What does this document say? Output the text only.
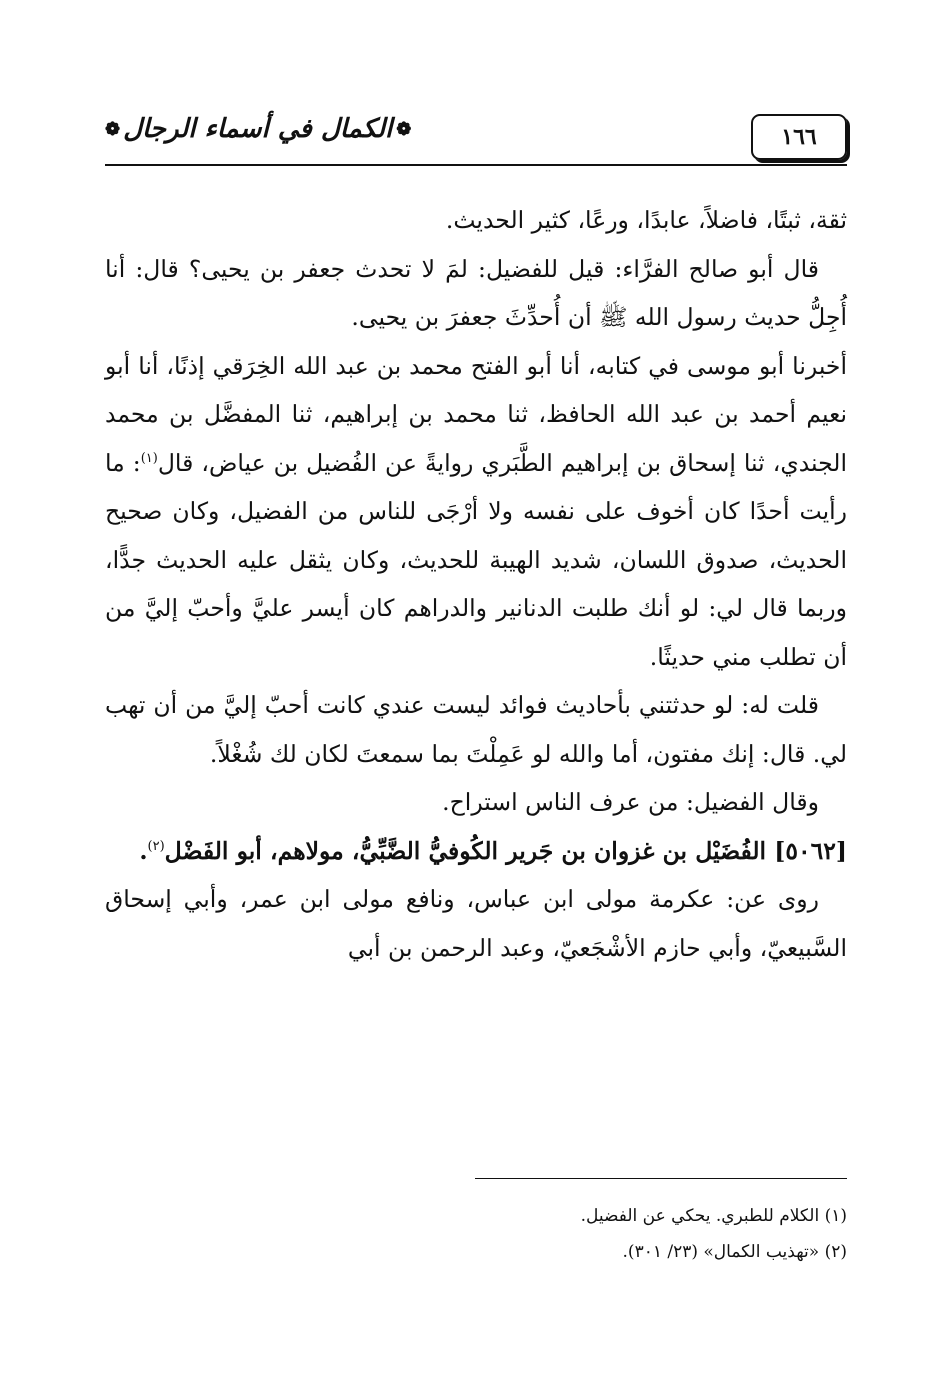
١٦٦
❁
الكمال في أسماء الرجال
❁

ثقة، ثبتًا، فاضلاً، عابدًا، ورعًا، كثير الحديث.

قال أبو صالح الفرَّاء: قيل للفضيل: لمَ لا تحدث جعفر بن يحيى؟ قال: أنا أُجِلُّ حديث رسول الله ﷺ أن أُحدِّثَ جعفرَ بن يحيى.

أخبرنا أبو موسى في كتابه، أنا أبو الفتح محمد بن عبد الله الخِرَقي إذنًا، أنا أبو نعيم أحمد بن عبد الله الحافظ، ثنا محمد بن إبراهيم، ثنا المفضَّل بن محمد الجندي، ثنا إسحاق بن إبراهيم الطَّبَري روايةً عن الفُضيل بن عياض، قال$^{(١)}$: ما رأيت أحدًا كان أخوف على نفسه ولا أرْجَى للناس من الفضيل، وكان صحيح الحديث، صدوق اللسان، شديد الهيبة للحديث، وكان يثقل عليه الحديث جدًّا، وربما قال لي: لو أنك طلبت الدنانير والدراهم كان أيسر عليَّ وأحبّ إليَّ من أن تطلب مني حديثًا.

قلت له: لو حدثتني بأحاديث فوائد ليست عندي كانت أحبّ إليَّ من أن تهب لي. قال: إنك مفتون، أما والله لو عَمِلْتَ بما سمعتَ لكان لك شُغْلاً.

وقال الفضيل: من عرف الناس استراح.

[٥٠٦٢] الفُضَيْل بن غزوان بن جَرير الكُوفيُّ الضَّبِّيُّ، مولاهم، أبو الفَضْل$^{(٢)}$.

روى عن: عكرمة مولى ابن عباس، ونافع مولى ابن عمر، وأبي إسحاق السَّبيعيّ، وأبي حازم الأشْجَعيّ، وعبد الرحمن بن أبي

(١) الكلام للطبري. يحكي عن الفضيل.

(٢) «تهذيب الكمال» (٢٣/ ٣٠١).
